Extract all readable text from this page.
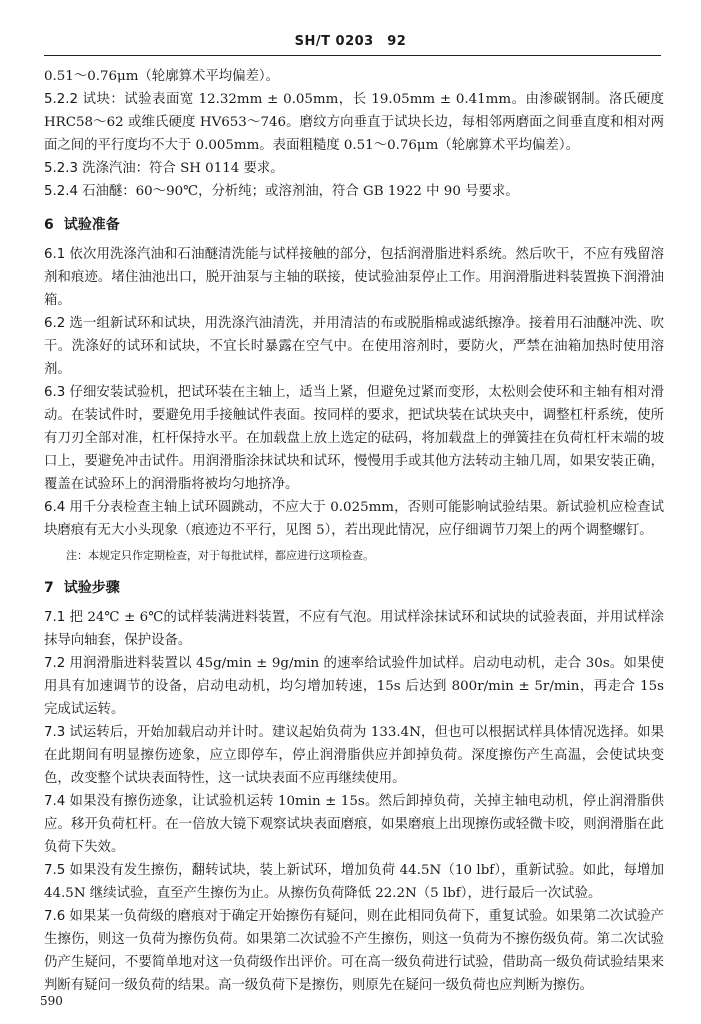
SH/T 0203　92

0.51～0.76μm（轮廓算术平均偏差）。

5.2.2 试块：试验表面宽 12.32mm ± 0.05mm，长 19.05mm ± 0.41mm。由渗碳钢制。洛氏硬度 HRC58～62 或维氏硬度 HV653～746。磨纹方向垂直于试块长边，每相邻两磨面之间垂直度和相对两面之间的平行度均不大于 0.005mm。表面粗糙度 0.51～0.76μm（轮廓算术平均偏差）。

5.2.3 洗涤汽油：符合 SH 0114 要求。

5.2.4 石油醚：60～90℃，分析纯；或溶剂油，符合 GB 1922 中 90 号要求。

6 试验准备

6.1 依次用洗涤汽油和石油醚清洗能与试样接触的部分，包括润滑脂进料系统。然后吹干，不应有残留溶剂和痕迹。堵住油池出口，脱开油泵与主轴的联接，使试验油泵停止工作。用润滑脂进料装置换下润滑油箱。

6.2 选一组新试环和试块，用洗涤汽油清洗，并用清洁的布或脱脂棉或滤纸擦净。接着用石油醚冲洗、吹干。洗涤好的试环和试块，不宜长时暴露在空气中。在使用溶剂时，要防火，严禁在油箱加热时使用溶剂。

6.3 仔细安装试验机，把试环装在主轴上，适当上紧，但避免过紧而变形，太松则会使环和主轴有相对滑动。在装试件时，要避免用手接触试件表面。按同样的要求，把试块装在试块夹中，调整杠杆系统，使所有刀刃全部对准，杠杆保持水平。在加载盘上放上选定的砝码，将加载盘上的弹簧挂在负荷杠杆末端的坡口上，要避免冲击试件。用润滑脂涂抹试块和试环，慢慢用手或其他方法转动主轴几周，如果安装正确，覆盖在试验环上的润滑脂将被均匀地挤净。

6.4 用千分表检查主轴上试环圆跳动，不应大于 0.025mm，否则可能影响试验结果。新试验机应检查试块磨痕有无大小头现象（痕迹边不平行，见图 5），若出现此情况，应仔细调节刀架上的两个调整螺钉。

注：本规定只作定期检查，对于每批试样，都应进行这项检查。
7 试验步骤

7.1 把 24℃ ± 6℃的试样装满进料装置，不应有气泡。用试样涂抹试环和试块的试验表面，并用试样涂抹导向轴套，保护设备。

7.2 用润滑脂进料装置以 45g/min ± 9g/min 的速率给试验件加试样。启动电动机，走合 30s。如果使用具有加速调节的设备，启动电动机，均匀增加转速，15s 后达到 800r/min ± 5r/min，再走合 15s 完成试运转。

7.3 试运转后，开始加载启动并计时。建议起始负荷为 133.4N，但也可以根据试样具体情况选择。如果在此期间有明显擦伤迹象，应立即停车，停止润滑脂供应并卸掉负荷。深度擦伤产生高温，会使试块变色，改变整个试块表面特性，这一试块表面不应再继续使用。

7.4 如果没有擦伤迹象，让试验机运转 10min ± 15s。然后卸掉负荷，关掉主轴电动机，停止润滑脂供应。移开负荷杠杆。在一倍放大镜下观察试块表面磨痕，如果磨痕上出现擦伤或轻微卡咬，则润滑脂在此负荷下失效。

7.5 如果没有发生擦伤，翻转试块，装上新试环，增加负荷 44.5N（10 lbf），重新试验。如此，每增加 44.5N 继续试验，直至产生擦伤为止。从擦伤负荷降低 22.2N（5 lbf），进行最后一次试验。

7.6 如果某一负荷级的磨痕对于确定开始擦伤有疑问，则在此相同负荷下，重复试验。如果第二次试验产生擦伤，则这一负荷为擦伤负荷。如果第二次试验不产生擦伤，则这一负荷为不擦伤级负荷。第二次试验仍产生疑问，不要简单地对这一负荷级作出评价。可在高一级负荷进行试验，借助高一级负荷试验结果来判断有疑问一级负荷的结果。高一级负荷下是擦伤，则原先在疑问一级负荷也应判断为擦伤。

590
